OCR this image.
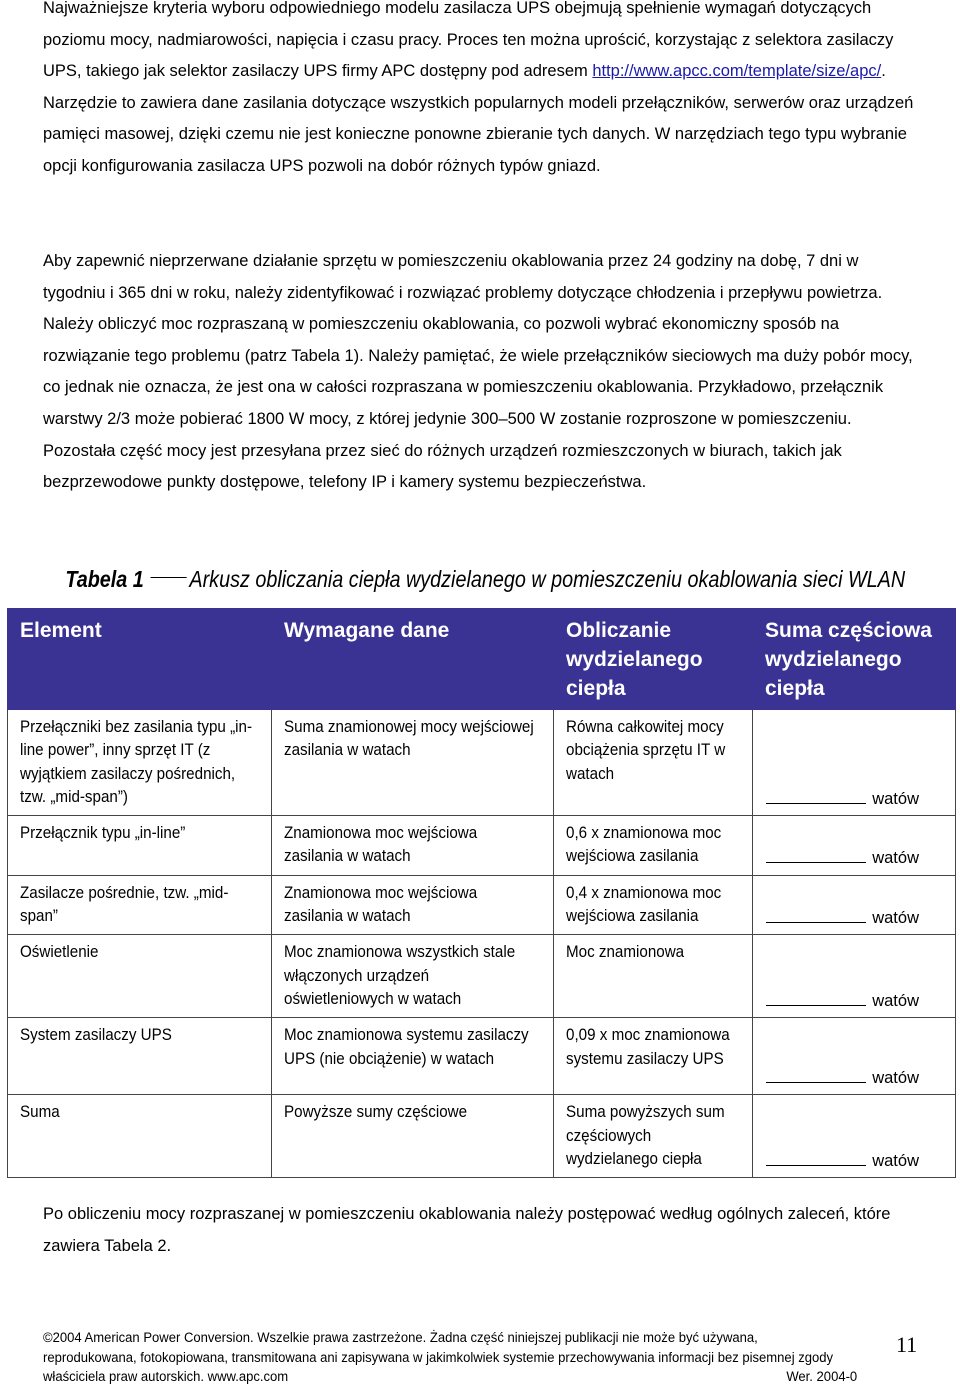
Najważniejsze kryteria wyboru odpowiedniego modelu zasilacza UPS obejmują spełnienie wymagań dotyczących poziomu mocy, nadmiarowości, napięcia i czasu pracy. Proces ten można uprościć, korzystając z selektora zasilaczy UPS, takiego jak selektor zasilaczy UPS firmy APC dostępny pod adresem http://www.apcc.com/template/size/apc/. Narzędzie to zawiera dane zasilania dotyczące wszystkich popularnych modeli przełączników, serwerów oraz urządzeń pamięci masowej, dzięki czemu nie jest konieczne ponowne zbieranie tych danych. W narzędziach tego typu wybranie opcji konfigurowania zasilacza UPS pozwoli na dobór różnych typów gniazd.

Aby zapewnić nieprzerwane działanie sprzętu w pomieszczeniu okablowania przez 24 godziny na dobę, 7 dni w tygodniu i 365 dni w roku, należy zidentyfikować i rozwiązać problemy dotyczące chłodzenia i przepływu powietrza. Należy obliczyć moc rozpraszaną w pomieszczeniu okablowania, co pozwoli wybrać ekonomiczny sposób na rozwiązanie tego problemu (patrz Tabela 1). Należy pamiętać, że wiele przełączników sieciowych ma duży pobór mocy, co jednak nie oznacza, że jest ona w całości rozpraszana w pomieszczeniu okablowania. Przykładowo, przełącznik warstwy 2/3 może pobierać 1800 W mocy, z której jedynie 300–500 W zostanie rozproszone w pomieszczeniu. Pozostała część mocy jest przesyłana przez sieć do różnych urządzeń rozmieszczonych w biurach, takich jak bezprzewodowe punkty dostępowe, telefony IP i kamery systemu bezpieczeństwa.

Tabela 1 Arkusz obliczania ciepła wydzielanego w pomieszczeniu okablowania sieci WLAN
Element	Wymagane dane	Obliczanie wydzielanego ciepła	Suma częściowa wydzielanego ciepła
Przełączniki bez zasilania typu „in-line power”, inny sprzęt IT (z wyjątkiem zasilaczy pośrednich, tzw. „mid-span”)	Suma znamionowej mocy wejściowej zasilania w watach	Równa całkowitej mocy obciążenia sprzętu IT w watach	watów
Przełącznik typu „in-line”	Znamionowa moc wejściowa zasilania w watach	0,6 x znamionowa moc wejściowa zasilania	watów
Zasilacze pośrednie, tzw. „mid-span”	Znamionowa moc wejściowa zasilania w watach	0,4 x znamionowa moc wejściowa zasilania	watów
Oświetlenie	Moc znamionowa wszystkich stale włączonych urządzeń oświetleniowych w watach	Moc znamionowa	watów
System zasilaczy UPS	Moc znamionowa systemu zasilaczy UPS (nie obciążenie) w watach	0,09 x moc znamionowa systemu zasilaczy UPS	watów
Suma	Powyższe sumy częściowe	Suma powyższych sum częściowych wydzielanego ciepła	watów

Po obliczeniu mocy rozpraszanej w pomieszczeniu okablowania należy postępować według ogólnych zaleceń, które zawiera Tabela 2.

©2004 American Power Conversion. Wszelkie prawa zastrzeżone. Żadna część niniejszej publikacji nie może być używana, reprodukowana, fotokopiowana, transmitowana ani zapisywana w jakimkolwiek systemie przechowywania informacji bez pisemnej zgody właściciela praw autorskich. www.apc.com	Wer. 2004-0
11
